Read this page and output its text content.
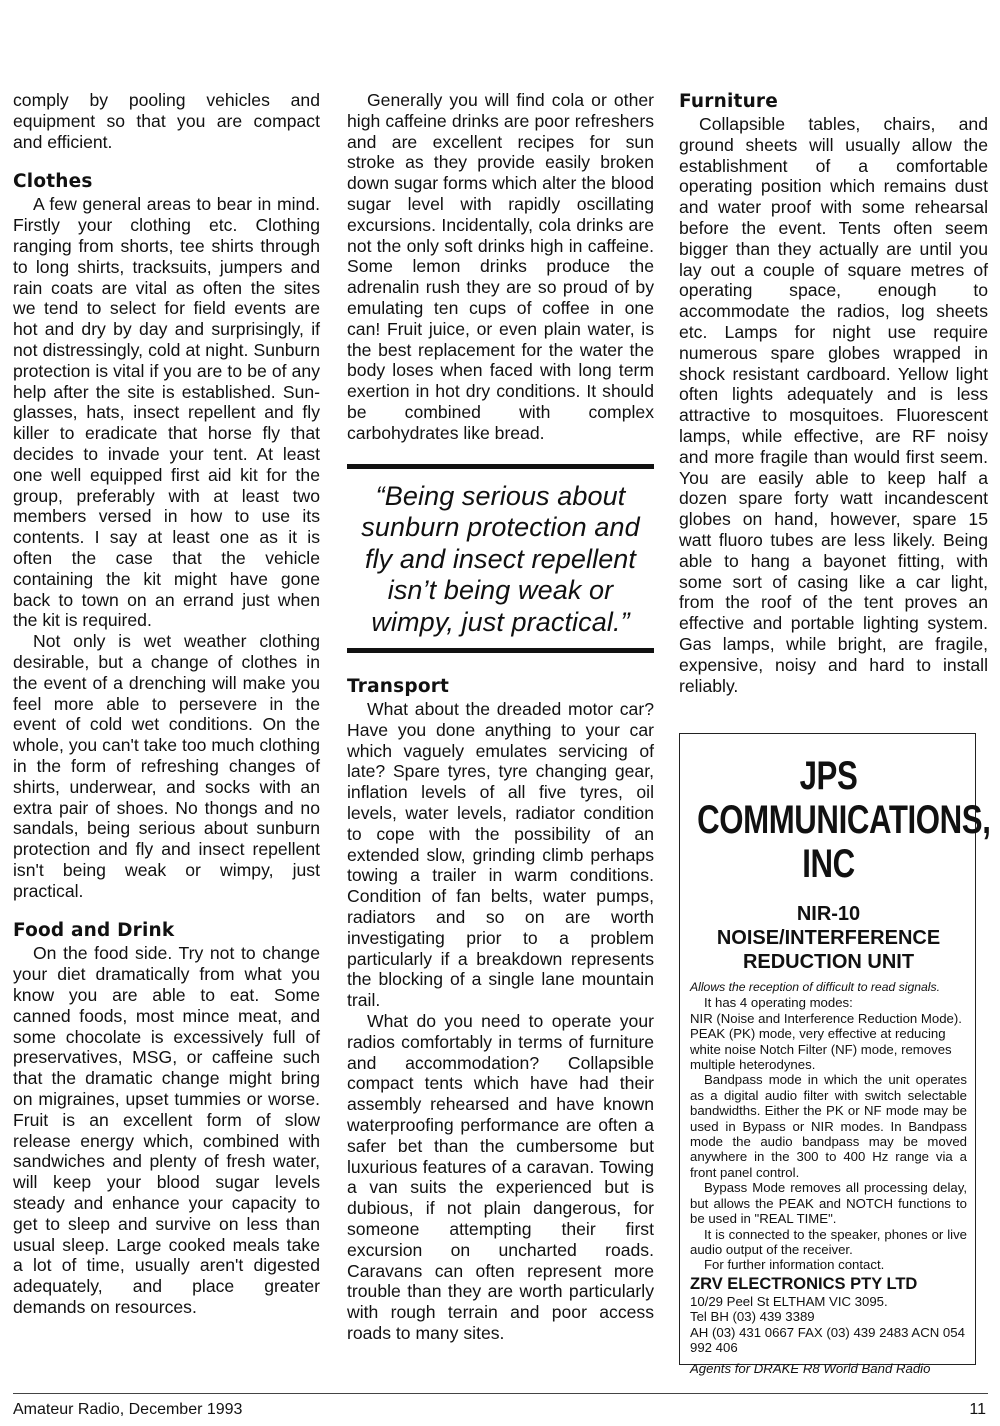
comply by pooling vehicles and equipment so that you are compact and efficient.

Clothes

A few general areas to bear in mind. Firstly your clothing etc. Clothing ranging from shorts, tee shirts through to long shirts, tracksuits, jumpers and rain coats are vital as often the sites we tend to select for field events are hot and dry by day and surprisingly, if not distressingly, cold at night. Sunburn protection is vital if you are to be of any help after the site is established. Sun-glasses, hats, insect repellent and fly killer to eradicate that horse fly that decides to invade your tent. At least one well equipped first aid kit for the group, preferably with at least two members versed in how to use its contents. I say at least one as it is often the case that the vehicle containing the kit might have gone back to town on an errand just when the kit is required.

Not only is wet weather clothing desirable, but a change of clothes in the event of a drenching will make you feel more able to persevere in the event of cold wet conditions. On the whole, you can't take too much clothing in the form of refreshing changes of shirts, underwear, and socks with an extra pair of shoes. No thongs and no sandals, being serious about sunburn protection and fly and insect repellent isn't being weak or wimpy, just practical.

Food and Drink

On the food side. Try not to change your diet dramatically from what you know you are able to eat. Some canned foods, most mince meat, and some chocolate is excessively full of preservatives, MSG, or caffeine such that the dramatic change might bring on migraines, upset tummies or worse. Fruit is an excellent form of slow release energy which, combined with sandwiches and plenty of fresh water, will keep your blood sugar levels steady and enhance your capacity to get to sleep and survive on less than usual sleep. Large cooked meals take a lot of time, usually aren't digested adequately, and place greater demands on resources.

Generally you will find cola or other high caffeine drinks are poor refreshers and are excellent recipes for sun stroke as they provide easily broken down sugar forms which alter the blood sugar level with rapidly oscillating excursions. Incidentally, cola drinks are not the only soft drinks high in caffeine. Some lemon drinks produce the adrenalin rush they are so proud of by emulating ten cups of coffee in one can! Fruit juice, or even plain water, is the best replacement for the water the body loses when faced with long term exertion in hot dry conditions. It should be combined with complex carbohydrates like bread.

“Being serious about sunburn protection and fly and insect repellent isn’t being weak or wimpy, just practical.”
Transport

What about the dreaded motor car? Have you done anything to your car which vaguely emulates servicing of late? Spare tyres, tyre changing gear, inflation levels of all five tyres, oil levels, water levels, radiator condition to cope with the possibility of an extended slow, grinding climb perhaps towing a trailer in warm conditions. Condition of fan belts, water pumps, radiators and so on are worth investigating prior to a problem particularly if a breakdown represents the blocking of a single lane mountain trail.

What do you need to operate your radios comfortably in terms of furniture and accommodation? Collapsible compact tents which have had their assembly rehearsed and have known waterproofing performance are often a safer bet than the cumbersome but luxurious features of a caravan. Towing a van suits the experienced but is dubious, if not plain dangerous, for someone attempting their first excursion on uncharted roads. Caravans can often represent more trouble than they are worth particularly with rough terrain and poor access roads to many sites.

Furniture

Collapsible tables, chairs, and ground sheets will usually allow the establishment of a comfortable operating position which remains dust and water proof with some rehearsal before the event. Tents often seem bigger than they actually are until you lay out a couple of square metres of operating space, enough to accommodate the radios, log sheets etc. Lamps for night use require numerous spare globes wrapped in shock resistant cardboard. Yellow light often lights adequately and is less attractive to mosquitoes. Fluorescent lamps, while effective, are RF noisy and more fragile than would first seem. You are easily able to keep half a dozen spare forty watt incandescent globes on hand, however, spare 15 watt fluoro tubes are less likely. Being able to hang a bayonet fitting, with some sort of casing like a car light, from the roof of the tent proves an effective and portable lighting system. Gas lamps, while bright, are fragile, expensive, noisy and hard to install reliably.

JPS COMMUNICATIONS, INC
NIR-10 NOISE/INTERFERENCE REDUCTION UNIT

Allows the reception of difficult to read signals.

It has 4 operating modes:

NIR (Noise and Interference Reduction Mode).

PEAK (PK) mode, very effective at reducing white noise Notch Filter (NF) mode, removes multiple heterodynes.

Bandpass mode in which the unit operates as a digital audio filter with switch selectable bandwidths. Either the PK or NF mode may be used in Bypass or NIR modes. In Bandpass mode the audio bandpass may be moved anywhere in the 300 to 400 Hz range via a front panel control.

Bypass Mode removes all processing delay, but allows the PEAK and NOTCH functions to be used in "REAL TIME".

It is connected to the speaker, phones or live audio output of the receiver.

For further information contact.

ZRV ELECTRONICS PTY LTD

10/29 Peel St ELTHAM VIC 3095.

Tel BH (03) 439 3389

AH (03) 431 0667 FAX (03) 439 2483 ACN 054 992 406

Agents for DRAKE R8 World Band Radio
Amateur Radio, December 1993	11
